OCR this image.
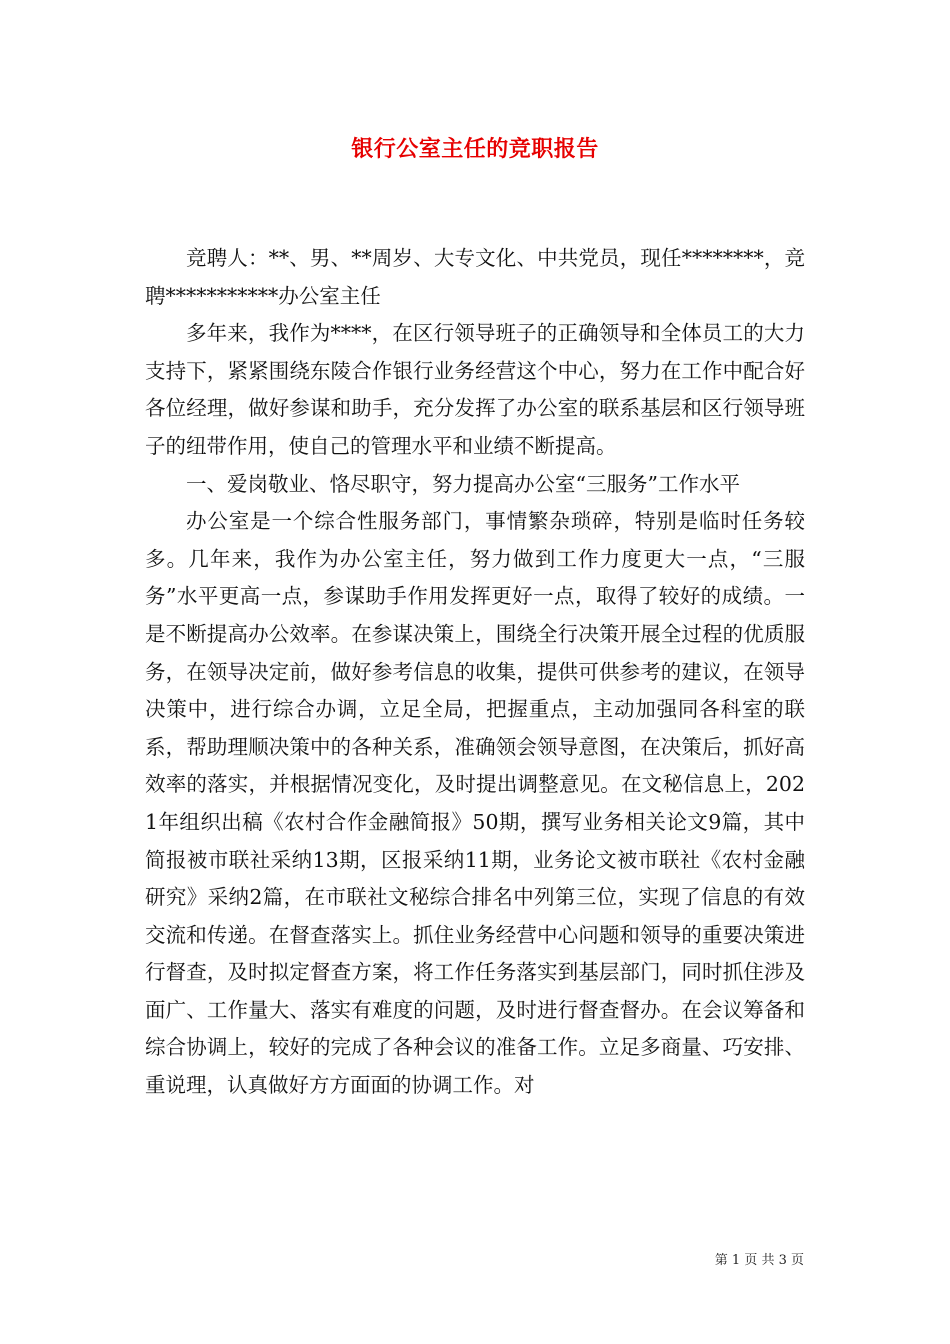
银行公室主任的竞职报告

竞聘人：**、男、**周岁、大专文化、中共党员，现任********，竞聘***********办公室主任

多年来，我作为****，在区行领导班子的正确领导和全体员工的大力支持下，紧紧围绕东陵合作银行业务经营这个中心，努力在工作中配合好各位经理，做好参谋和助手，充分发挥了办公室的联系基层和区行领导班子的纽带作用，使自己的管理水平和业绩不断提高。

一、爱岗敬业、恪尽职守，努力提高办公室“三服务”工作水平

办公室是一个综合性服务部门，事情繁杂琐碎，特别是临时任务较多。几年来，我作为办公室主任，努力做到工作力度更大一点，“三服务”水平更高一点，参谋助手作用发挥更好一点，取得了较好的成绩。一是不断提高办公效率。在参谋决策上，围绕全行决策开展全过程的优质服务，在领导决定前，做好参考信息的收集，提供可供参考的建议，在领导决策中，进行综合办调，立足全局，把握重点，主动加强同各科室的联系，帮助理顺决策中的各种关系，准确领会领导意图，在决策后，抓好高效率的落实，并根据情况变化，及时提出调整意见。在文秘信息上，2021年组织出稿《农村合作金融简报》50期，撰写业务相关论文9篇，其中简报被市联社采纳13期，区报采纳11期，业务论文被市联社《农村金融研究》采纳2篇，在市联社文秘综合排名中列第三位，实现了信息的有效交流和传递。在督查落实上。抓住业务经营中心问题和领导的重要决策进行督查，及时拟定督查方案，将工作任务落实到基层部门，同时抓住涉及面广、工作量大、落实有难度的问题，及时进行督查督办。在会议筹备和综合协调上，较好的完成了各种会议的准备工作。立足多商量、巧安排、重说理，认真做好方方面面的协调工作。对

第 1 页 共 3 页
